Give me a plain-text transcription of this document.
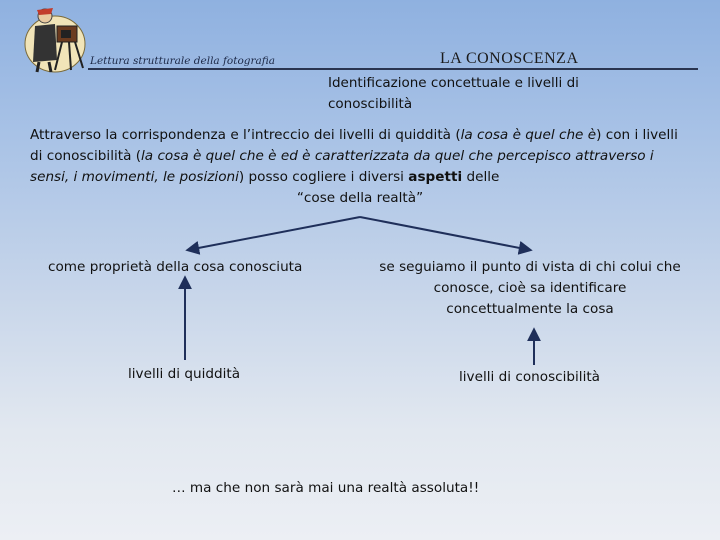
Lettura strutturale della fotografia	LA CONOSCENZA
Identificazione concettuale e livelli di conoscibilità
Attraverso la corrispondenza e l’intreccio dei livelli di quiddità (la cosa è quel che è) con i livelli di conoscibilità (la cosa è quel che è ed è caratterizzata da quel che percepisco attraverso i sensi, i movimenti, le posizioni) posso cogliere i diversi aspetti delle
“cose della realtà”
come proprietà della cosa conosciuta	se seguiamo il punto di vista di chi colui che conosce, cioè sa identificare concettualmente la cosa
livelli di quiddità	livelli di conoscibilità
… ma che non sarà mai una realtà assoluta!!
